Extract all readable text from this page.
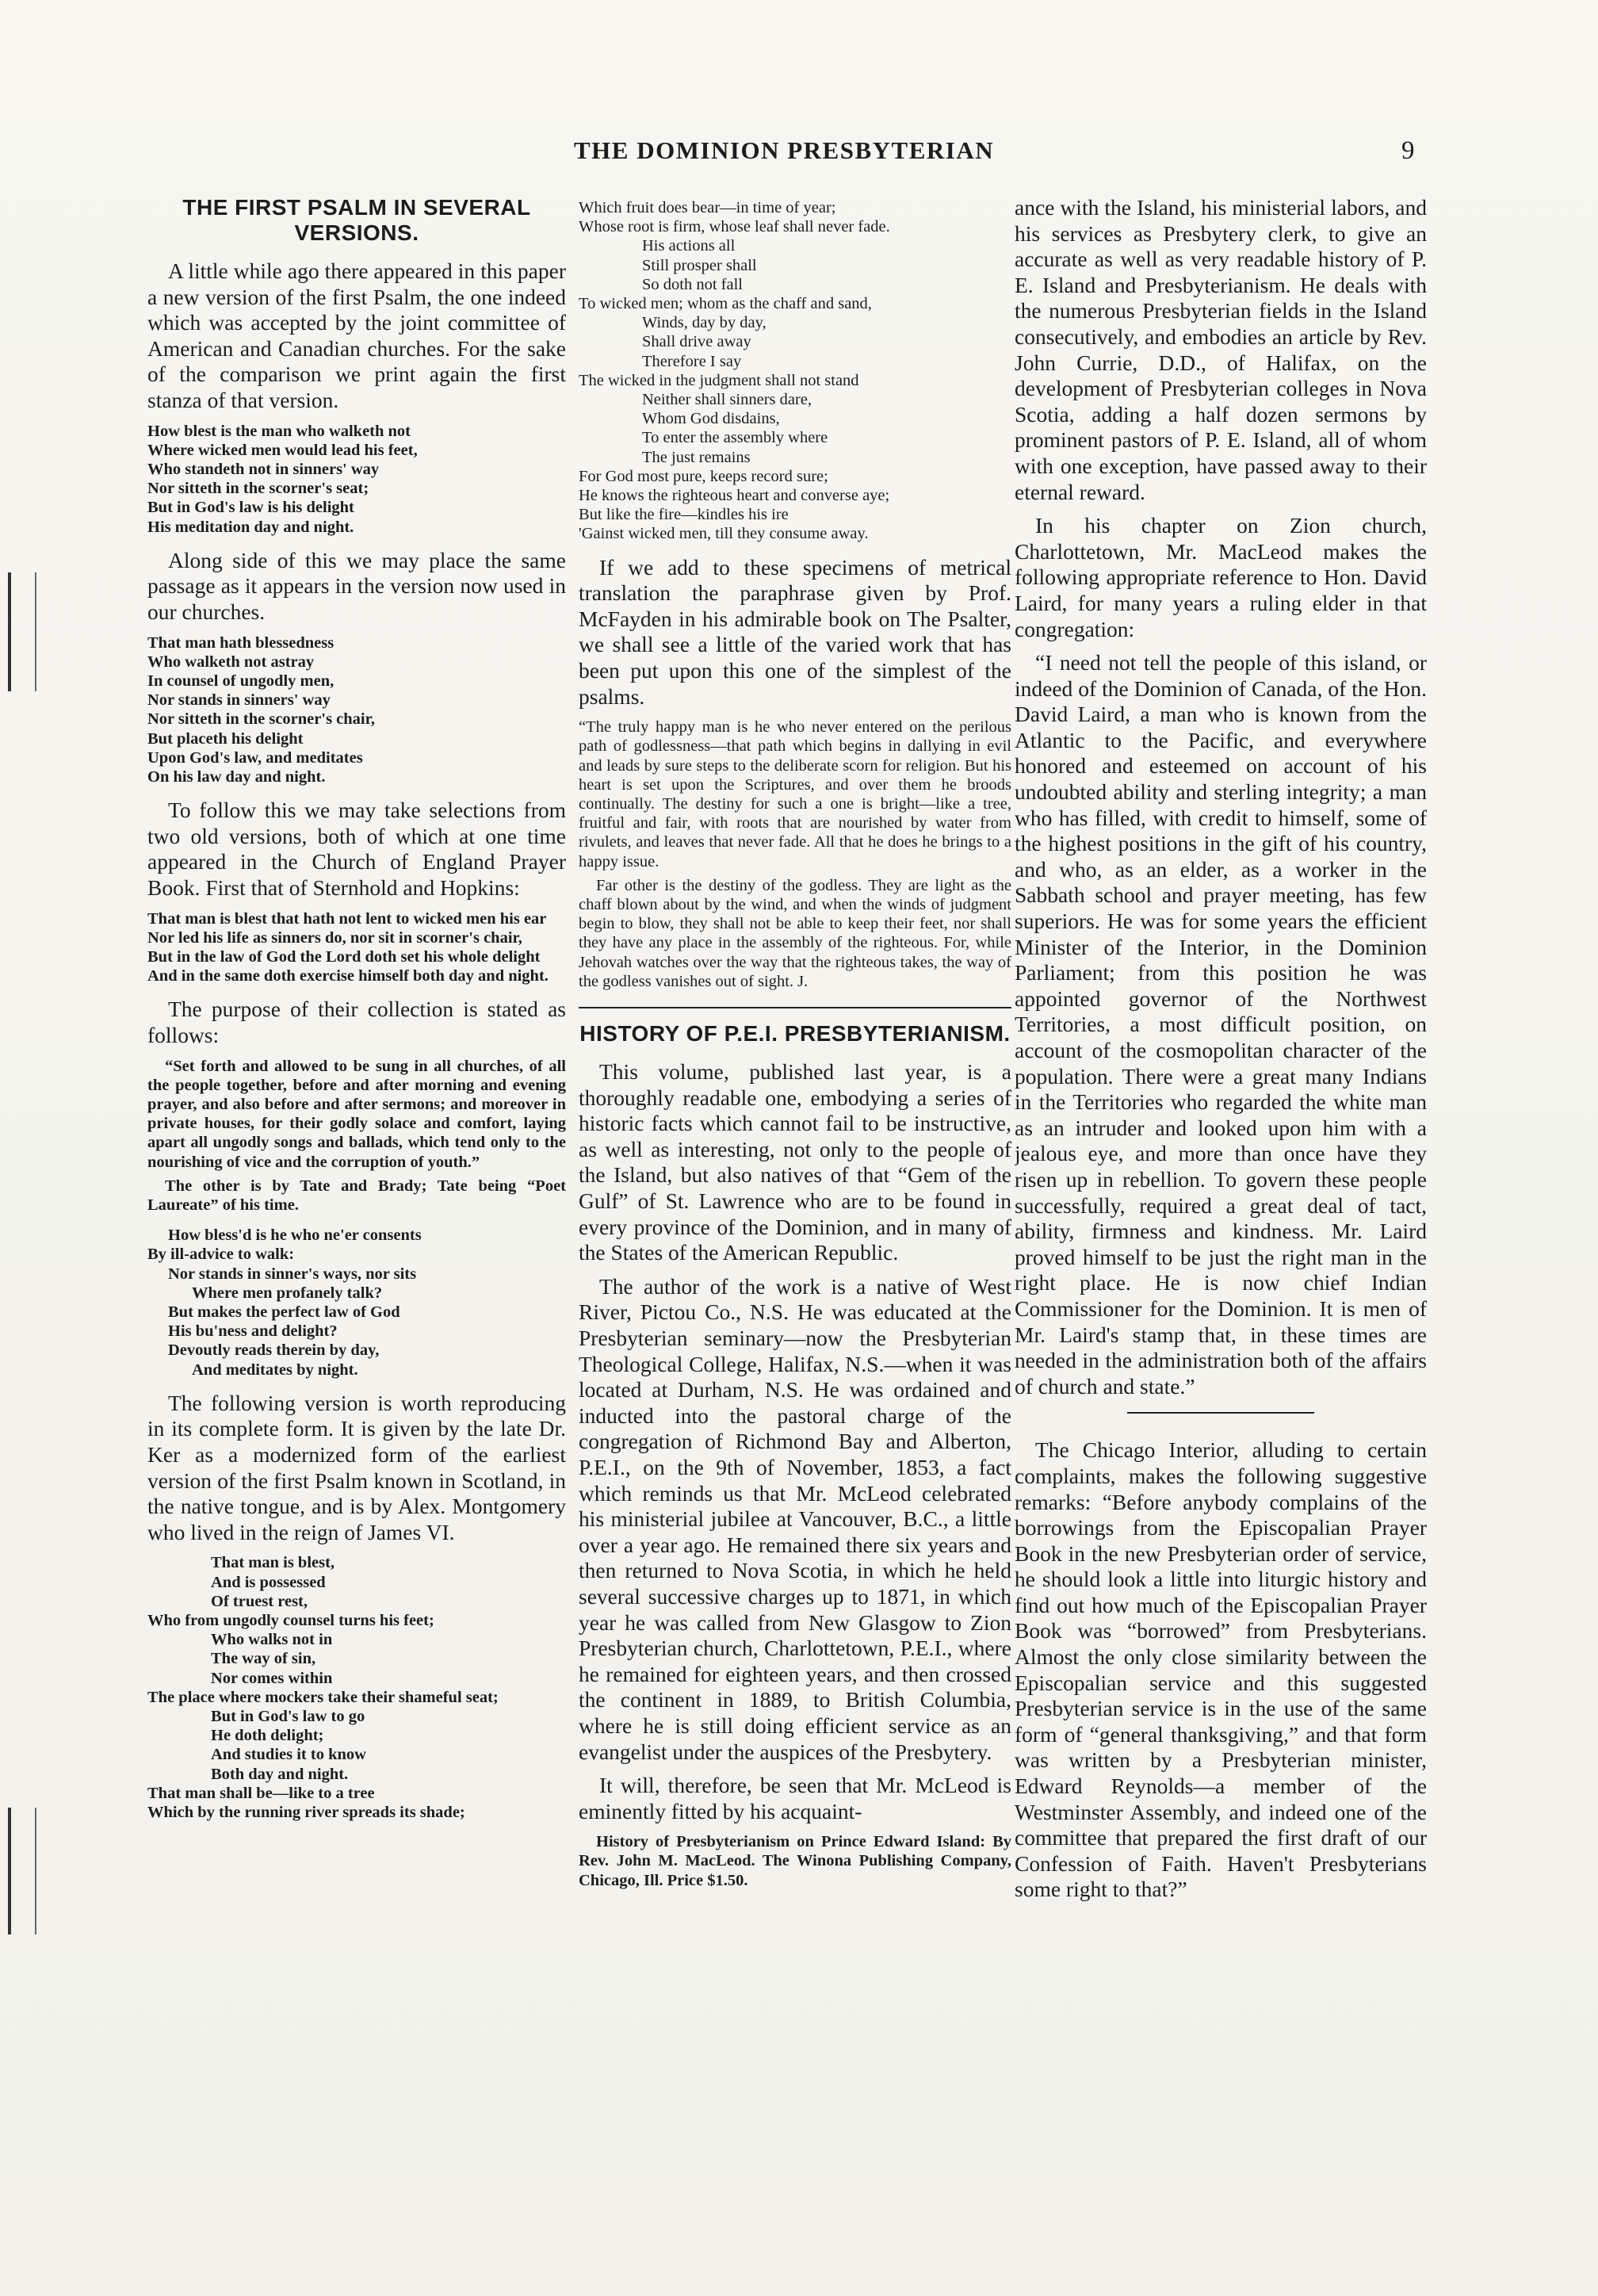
THE DOMINION PRESBYTERIAN	9
THE FIRST PSALM IN SEVERAL VERSIONS.

A little while ago there appeared in this paper a new version of the first Psalm, the one indeed which was accepted by the joint committee of American and Canadian churches. For the sake of the comparison we print again the first stanza of that version.

How blest is the man who walketh not
Where wicked men would lead his feet,
Who standeth not in sinners' way
Nor sitteth in the scorner's seat;
But in God's law is his delight
His meditation day and night.

Along side of this we may place the same passage as it appears in the version now used in our churches.

That man hath blessedness
Who walketh not astray
In counsel of ungodly men,
Nor stands in sinners' way
Nor sitteth in the scorner's chair,
But placeth his delight
Upon God's law, and meditates
On his law day and night.

To follow this we may take selections from two old versions, both of which at one time appeared in the Church of England Prayer Book. First that of Sternhold and Hopkins:

That man is blest that hath not lent to wicked men his ear
Nor led his life as sinners do, nor sit in scorner's chair,
But in the law of God the Lord doth set his whole delight
And in the same doth exercise himself both day and night.

The purpose of their collection is stated as follows:

“Set forth and allowed to be sung in all churches, of all the people together, before and after morning and evening prayer, and also before and after sermons; and moreover in private houses, for their godly solace and comfort, laying apart all ungodly songs and ballads, which tend only to the nourishing of vice and the corruption of youth.”

The other is by Tate and Brady; Tate being “Poet Laureate” of his time.

How bless'd is he who ne'er consents
By ill-advice to walk:
Nor stands in sinner's ways, nor sits
Where men profanely talk?
But makes the perfect law of God
His bu'ness and delight?
Devoutly reads therein by day,
And meditates by night.

The following version is worth reproducing in its complete form. It is given by the late Dr. Ker as a modernized form of the earliest version of the first Psalm known in Scotland, in the native tongue, and is by Alex. Montgomery who lived in the reign of James VI.

That man is blest,
And is possessed
Of truest rest,
Who from ungodly counsel turns his feet;
Who walks not in
The way of sin,
Nor comes within
The place where mockers take their shameful seat;
But in God's law to go
He doth delight;
And studies it to know
Both day and night.
That man shall be—like to a tree
Which by the running river spreads its shade;
Which fruit does bear—in time of year;
Whose root is firm, whose leaf shall never fade.
His actions all
Still prosper shall
So doth not fall
To wicked men; whom as the chaff and sand,
Winds, day by day,
Shall drive away
Therefore I say
The wicked in the judgment shall not stand
Neither shall sinners dare,
Whom God disdains,
To enter the assembly where
The just remains
For God most pure, keeps record sure;
He knows the righteous heart and converse aye;
But like the fire—kindles his ire
'Gainst wicked men, till they consume away.

If we add to these specimens of metrical translation the paraphrase given by Prof. McFayden in his admirable book on The Psalter, we shall see a little of the varied work that has been put upon this one of the simplest of the psalms.

“The truly happy man is he who never entered on the perilous path of godlessness—that path which begins in dallying in evil and leads by sure steps to the deliberate scorn for religion. But his heart is set upon the Scriptures, and over them he broods continually. The destiny for such a one is bright—like a tree, fruitful and fair, with roots that are nourished by water from rivulets, and leaves that never fade. All that he does he brings to a happy issue.

Far other is the destiny of the godless. They are light as the chaff blown about by the wind, and when the winds of judgment begin to blow, they shall not be able to keep their feet, nor shall they have any place in the assembly of the righteous. For, while Jehovah watches over the way that the righteous takes, the way of the godless vanishes out of sight. J.

HISTORY OF P.E.I. PRESBYTERIANISM.

This volume, published last year, is a thoroughly readable one, embodying a series of historic facts which cannot fail to be instructive, as well as interesting, not only to the people of the Island, but also natives of that “Gem of the Gulf” of St. Lawrence who are to be found in every province of the Dominion, and in many of the States of the American Republic.

The author of the work is a native of West River, Pictou Co., N.S. He was educated at the Presbyterian seminary—now the Presbyterian Theological College, Halifax, N.S.—when it was located at Durham, N.S. He was ordained and inducted into the pastoral charge of the congregation of Richmond Bay and Alberton, P.E.I., on the 9th of November, 1853, a fact which reminds us that Mr. McLeod celebrated his ministerial jubilee at Vancouver, B.C., a little over a year ago. He remained there six years and then returned to Nova Scotia, in which he held several successive charges up to 1871, in which year he was called from New Glasgow to Zion Presbyterian church, Charlottetown, P.E.I., where he remained for eighteen years, and then crossed the continent in 1889, to British Columbia, where he is still doing efficient service as an evangelist under the auspices of the Presbytery.

It will, therefore, be seen that Mr. McLeod is eminently fitted by his acquaint-

History of Presbyterianism on Prince Edward Island: By Rev. John M. MacLeod. The Winona Publishing Company, Chicago, Ill. Price $1.50.

ance with the Island, his ministerial labors, and his services as Presbytery clerk, to give an accurate as well as very readable history of P. E. Island and Presbyterianism. He deals with the numerous Presbyterian fields in the Island consecutively, and embodies an article by Rev. John Currie, D.D., of Halifax, on the development of Presbyterian colleges in Nova Scotia, adding a half dozen sermons by prominent pastors of P. E. Island, all of whom with one exception, have passed away to their eternal reward.

In his chapter on Zion church, Charlottetown, Mr. MacLeod makes the following appropriate reference to Hon. David Laird, for many years a ruling elder in that congregation:

“I need not tell the people of this island, or indeed of the Dominion of Canada, of the Hon. David Laird, a man who is known from the Atlantic to the Pacific, and everywhere honored and esteemed on account of his undoubted ability and sterling integrity; a man who has filled, with credit to himself, some of the highest positions in the gift of his country, and who, as an elder, as a worker in the Sabbath school and prayer meeting, has few superiors. He was for some years the efficient Minister of the Interior, in the Dominion Parliament; from this position he was appointed governor of the Northwest Territories, a most difficult position, on account of the cosmopolitan character of the population. There were a great many Indians in the Territories who regarded the white man as an intruder and looked upon him with a jealous eye, and more than once have they risen up in rebellion. To govern these people successfully, required a great deal of tact, ability, firmness and kindness. Mr. Laird proved himself to be just the right man in the right place. He is now chief Indian Commissioner for the Dominion. It is men of Mr. Laird's stamp that, in these times are needed in the administration both of the affairs of church and state.”

The Chicago Interior, alluding to certain complaints, makes the following suggestive remarks: “Before anybody complains of the borrowings from the Episcopalian Prayer Book in the new Presbyterian order of service, he should look a little into liturgic history and find out how much of the Episcopalian Prayer Book was “borrowed” from Presbyterians. Almost the only close similarity between the Episcopalian service and this suggested Presbyterian service is in the use of the same form of “general thanksgiving,” and that form was written by a Presbyterian minister, Edward Reynolds—a member of the Westminster Assembly, and indeed one of the committee that prepared the first draft of our Confession of Faith. Haven't Presbyterians some right to that?”
